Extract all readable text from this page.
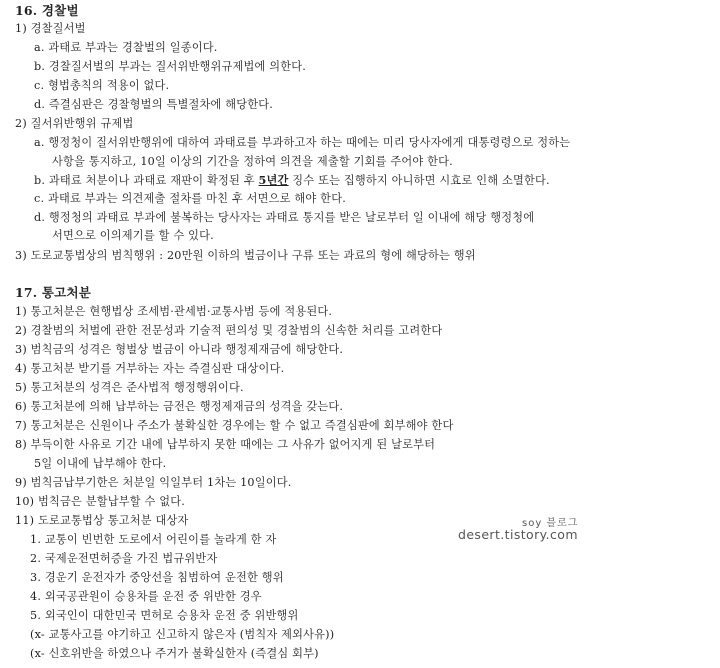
16. 경찰벌
1) 경찰질서벌
a. 과태료 부과는 경찰벌의 일종이다.
b. 경찰질서벌의 부과는 질서위반행위규제법에 의한다.
c. 형법총칙의 적용이 없다.
d. 즉결심판은 경찰형벌의 특별절차에 해당한다.
2) 질서위반행위 규제법
a. 행정청이 질서위반행위에 대하여 과태료를 부과하고자 하는 때에는 미리 당사자에게 대통령령으로 정하는
사항을 통지하고, 10일 이상의 기간을 정하여 의견을 제출할 기회를 주어야 한다.
b. 과태료 처분이나 과태료 재판이 확정된 후 5년간 징수 또는 집행하지 아니하면 시효로 인해 소멸한다.
c. 과태료 부과는 의견제출 절차를 마친 후 서면으로 해야 한다.
d. 행정청의 과태료 부과에 불복하는 당사자는 과태료 통지를 받은 날로부터 일 이내에 해당 행정청에
서면으로 이의제기를 할 수 있다.
3) 도로교통법상의 범칙행위 : 20만원 이하의 벌금이나 구류 또는 과료의 형에 해당하는 행위
17. 통고처분
1) 통고처분은 현행법상 조세범·관세범·교통사범 등에 적용된다.
2) 경찰범의 처벌에 관한 전문성과 기술적 편의성 및 경찰범의 신속한 처리를 고려한다
3) 범칙금의 성격은 형벌상 벌금이 아니라 행정제재금에 해당한다.
4) 통고처분 받기를 거부하는 자는 즉결심판 대상이다.
5) 통고처분의 성격은 준사법적 행정행위이다.
6) 통고처분에 의해 납부하는 금전은 행정제재금의 성격을 갖는다.
7) 통고처분은 신원이나 주소가 불확실한 경우에는 할 수 없고 즉결심판에 회부해야 한다
8) 부득이한 사유로 기간 내에 납부하지 못한 때에는 그 사유가 없어지게 된 날로부터
5일 이내에 납부해야 한다.
9) 범칙금납부기한은 처분일 익일부터 1차는 10일이다.
10) 범칙금은 분할납부할 수 없다.
11) 도로교통법상 통고처분 대상자
1. 교통이 빈번한 도로에서 어린이를 놀라게 한 자
2. 국제운전면허증을 가진 법규위반자
3. 경운기 운전자가 중앙선을 침범하여 운전한 행위
4. 외국공관원이 승용차를 운전 중 위반한 경우
5. 외국인이 대한민국 면허로 승용차 운전 중 위반행위
(x- 교통사고를 야기하고 신고하지 않은자 (범칙자 제외사유))
(x- 신호위반을 하였으나 주거가 불확실한자 (즉결심 회부)
soy 블로그
desert.tistory.com
